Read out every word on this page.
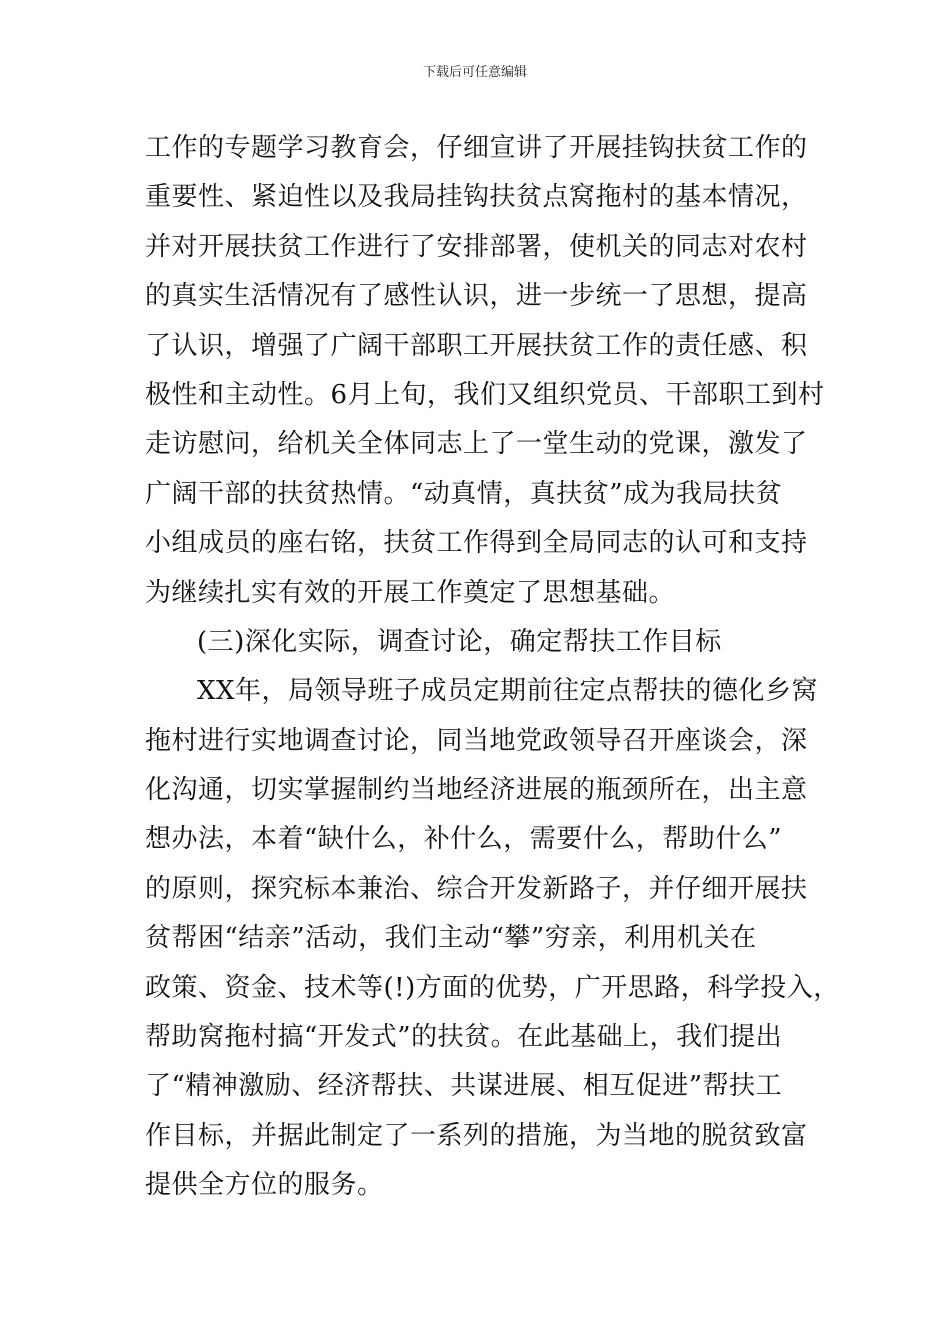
下载后可任意编辑
工作的专题学习教育会，仔细宣讲了开展挂钩扶贫工作的
重要性、紧迫性以及我局挂钩扶贫点窝拖村的基本情况，
并对开展扶贫工作进行了安排部署，使机关的同志对农村
的真实生活情况有了感性认识，进一步统一了思想，提高
了认识，增强了广阔干部职工开展扶贫工作的责任感、积
极性和主动性。6月上旬，我们又组织党员、干部职工到村
走访慰问，给机关全体同志上了一堂生动的党课，激发了
广阔干部的扶贫热情。“动真情，真扶贫”成为我局扶贫
小组成员的座右铭，扶贫工作得到全局同志的认可和支持
为继续扎实有效的开展工作奠定了思想基础。
(三)深化实际，调查讨论，确定帮扶工作目标
XX年，局领导班子成员定期前往定点帮扶的德化乡窝
拖村进行实地调查讨论，同当地党政领导召开座谈会，深
化沟通，切实掌握制约当地经济进展的瓶颈所在，出主意
想办法，本着“缺什么，补什么，需要什么，帮助什么”
的原则，探究标本兼治、综合开发新路子，并仔细开展扶
贫帮困“结亲”活动，我们主动“攀”穷亲，利用机关在
政策、资金、技术等(!)方面的优势，广开思路，科学投入，
帮助窝拖村搞“开发式”的扶贫。在此基础上，我们提出
了“精神激励、经济帮扶、共谋进展、相互促进”帮扶工
作目标，并据此制定了一系列的措施，为当地的脱贫致富
提供全方位的服务。
